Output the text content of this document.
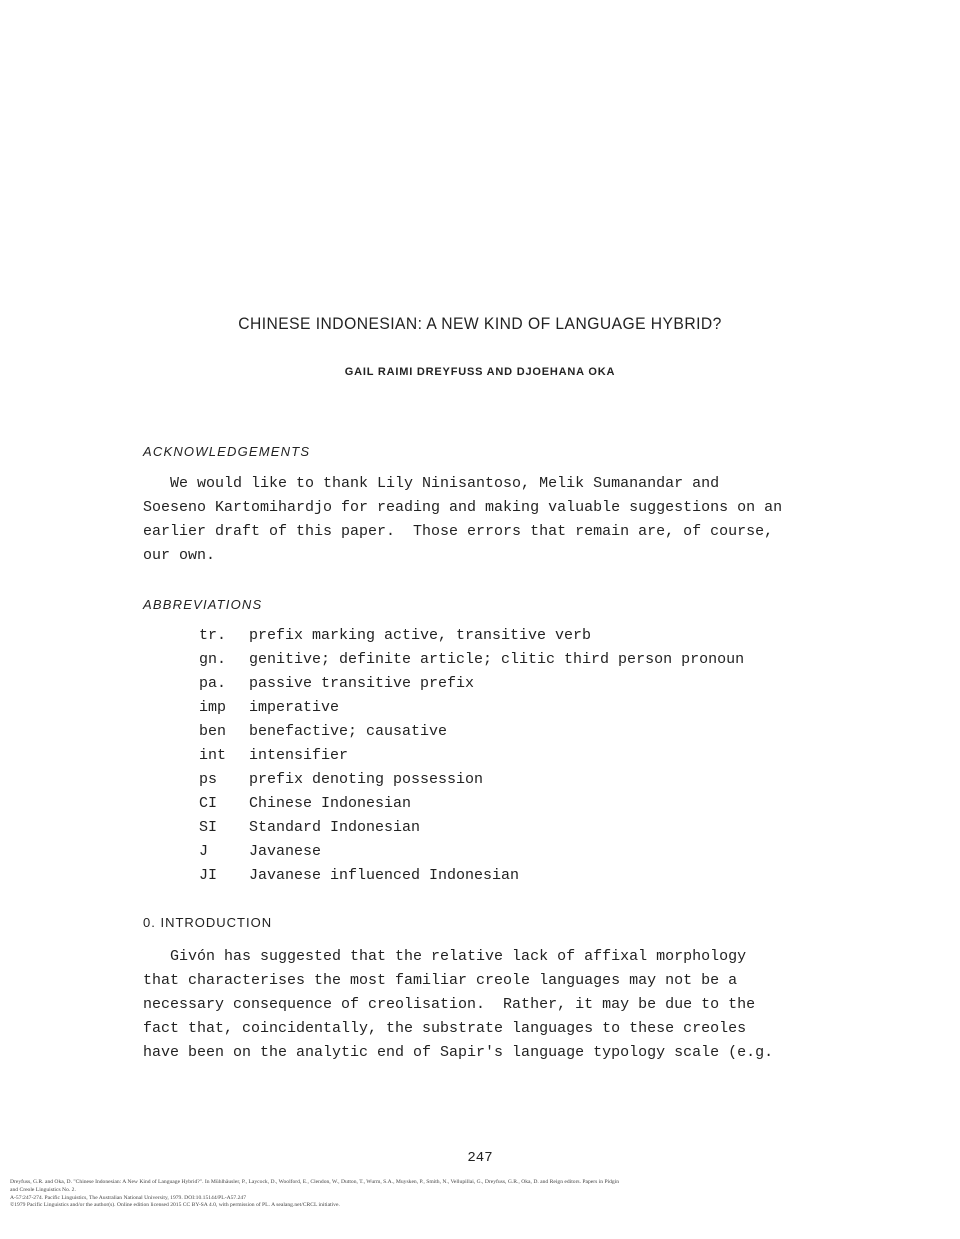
CHINESE INDONESIAN: A NEW KIND OF LANGUAGE HYBRID?
GAIL RAIMI DREYFUSS AND DJOEHANA OKA
ACKNOWLEDGEMENTS

We would like to thank Lily Ninisantoso, Melik Sumanandar and
Soeseno Kartomihardjo for reading and making valuable suggestions on an
earlier draft of this paper.  Those errors that remain are, of course,
our own.

ABBREVIATIONS
tr.	prefix marking active, transitive verb
gn.	genitive; definite article; clitic third person pronoun
pa.	passive transitive prefix
imp	imperative
ben	benefactive; causative
int	intensifier
ps	prefix denoting possession
CI	Chinese Indonesian
SI	Standard Indonesian
J	Javanese
JI	Javanese influenced Indonesian
0. INTRODUCTION

Givón has suggested that the relative lack of affixal morphology
that characterises the most familiar creole languages may not be a
necessary consequence of creolisation.  Rather, it may be due to the
fact that, coincidentally, the substrate languages to these creoles
have been on the analytic end of Sapir's language typology scale (e.g.

247
Dreyfuss, G.R. and Oka, D. "Chinese Indonesian: A New Kind of Language Hybrid?". In Mühlhäusler, P., Laycock, D., Woolford, E., Clendon, W., Dutton, T., Wurm, S.A., Muysken, P., Smith, N., Vellupillai, G., Dreyfuss, G.R., Oka, D. and Reign editors. Papers in Pidgin
and Creole Linguistics No. 2.
A-57:247-274. Pacific Linguistics, The Australian National University, 1979. DOI:10.15144/PL-A57.247
©1979 Pacific Linguistics and/or the author(s). Online edition licensed 2015 CC BY-SA 4.0, with permission of PL. A sealang.net/CRCL initiative.
